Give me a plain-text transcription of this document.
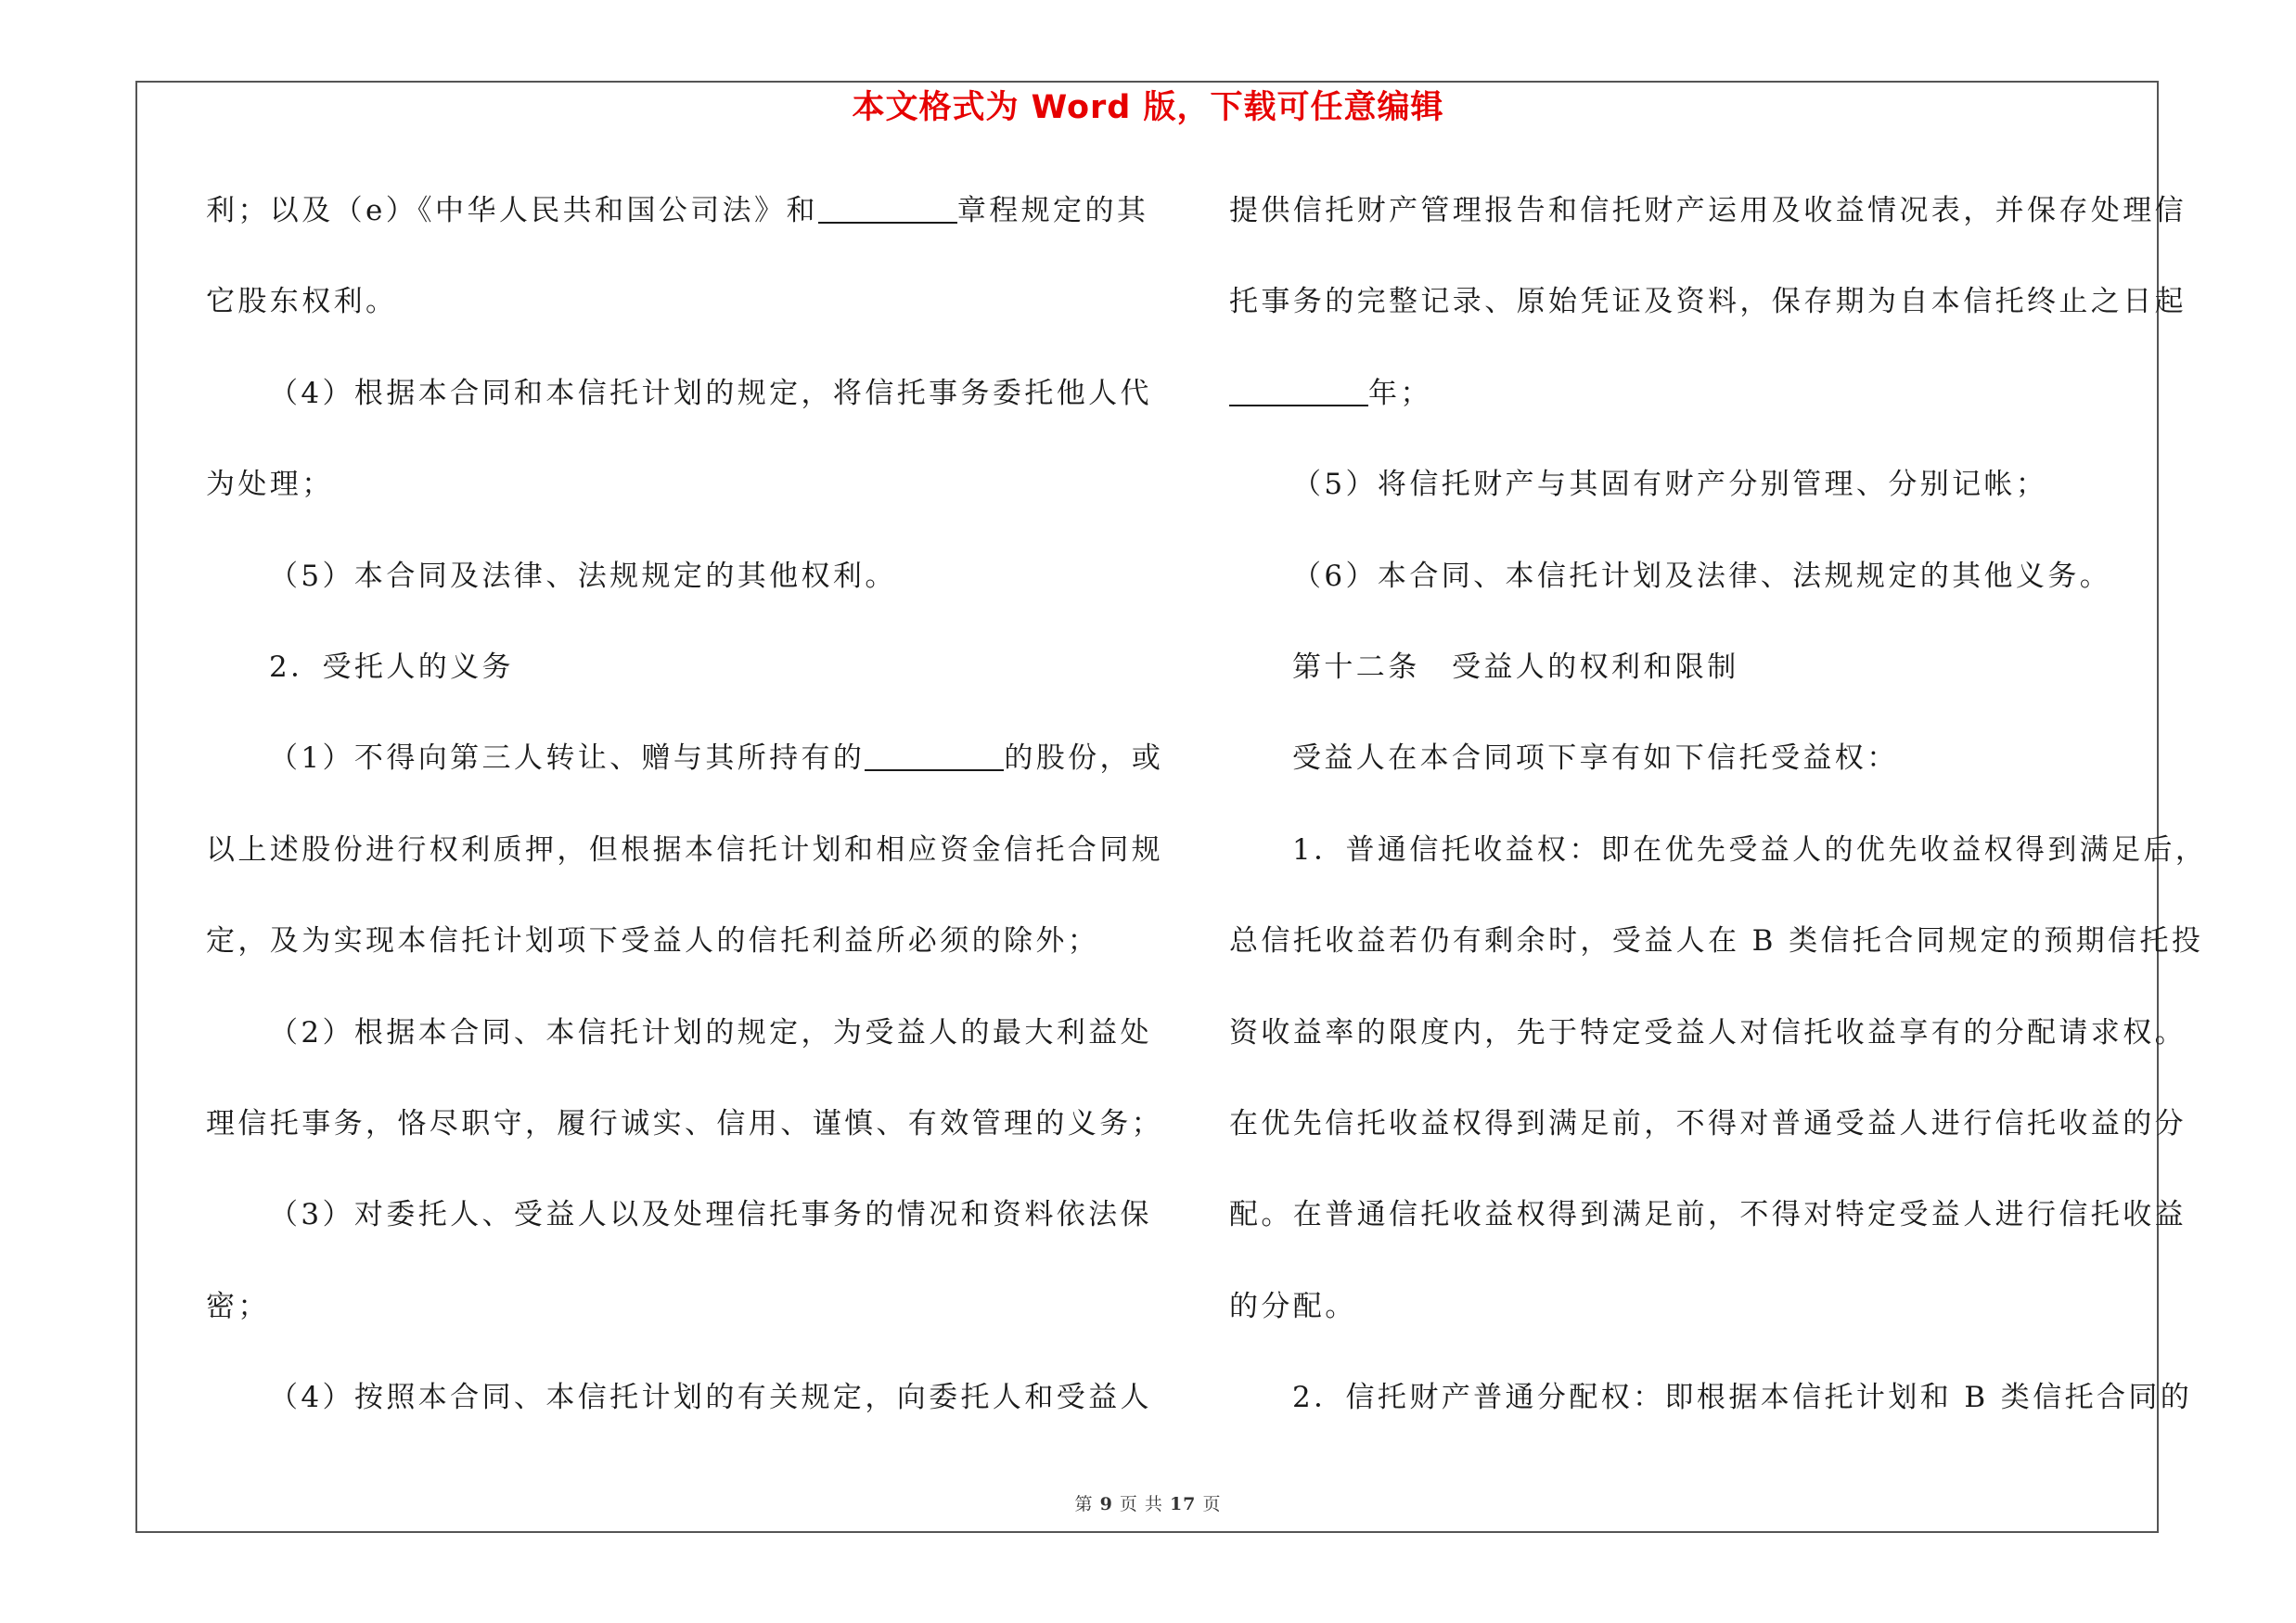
本文格式为 Word 版，下载可任意编辑
利；以及（e）《中华人民共和国公司法》和	章程规定的其
它股东权利。
（4）根据本合同和本信托计划的规定，将信托事务委托他人代
为处理；
（5）本合同及法律、法规规定的其他权利。
2．受托人的义务
（1）不得向第三人转让、赠与其所持有的	的股份，或
以上述股份进行权利质押，但根据本信托计划和相应资金信托合同规
定，及为实现本信托计划项下受益人的信托利益所必须的除外；
（2）根据本合同、本信托计划的规定，为受益人的最大利益处
理信托事务，恪尽职守，履行诚实、信用、谨慎、有效管理的义务；
（3）对委托人、受益人以及处理信托事务的情况和资料依法保
密；
（4）按照本合同、本信托计划的有关规定，向委托人和受益人
提供信托财产管理报告和信托财产运用及收益情况表，并保存处理信
托事务的完整记录、原始凭证及资料，保存期为自本信托终止之日起
年；
（5）将信托财产与其固有财产分别管理、分别记帐；
（6）本合同、本信托计划及法律、法规规定的其他义务。
第十二条　受益人的权利和限制
受益人在本合同项下享有如下信托受益权：
1．普通信托收益权：即在优先受益人的优先收益权得到满足后，
总信托收益若仍有剩余时，受益人在 B 类信托合同规定的预期信托投
资收益率的限度内，先于特定受益人对信托收益享有的分配请求权。
在优先信托收益权得到满足前，不得对普通受益人进行信托收益的分
配。在普通信托收益权得到满足前，不得对特定受益人进行信托收益
的分配。
2．信托财产普通分配权：即根据本信托计划和 B 类信托合同的
第 9 页 共 17 页
